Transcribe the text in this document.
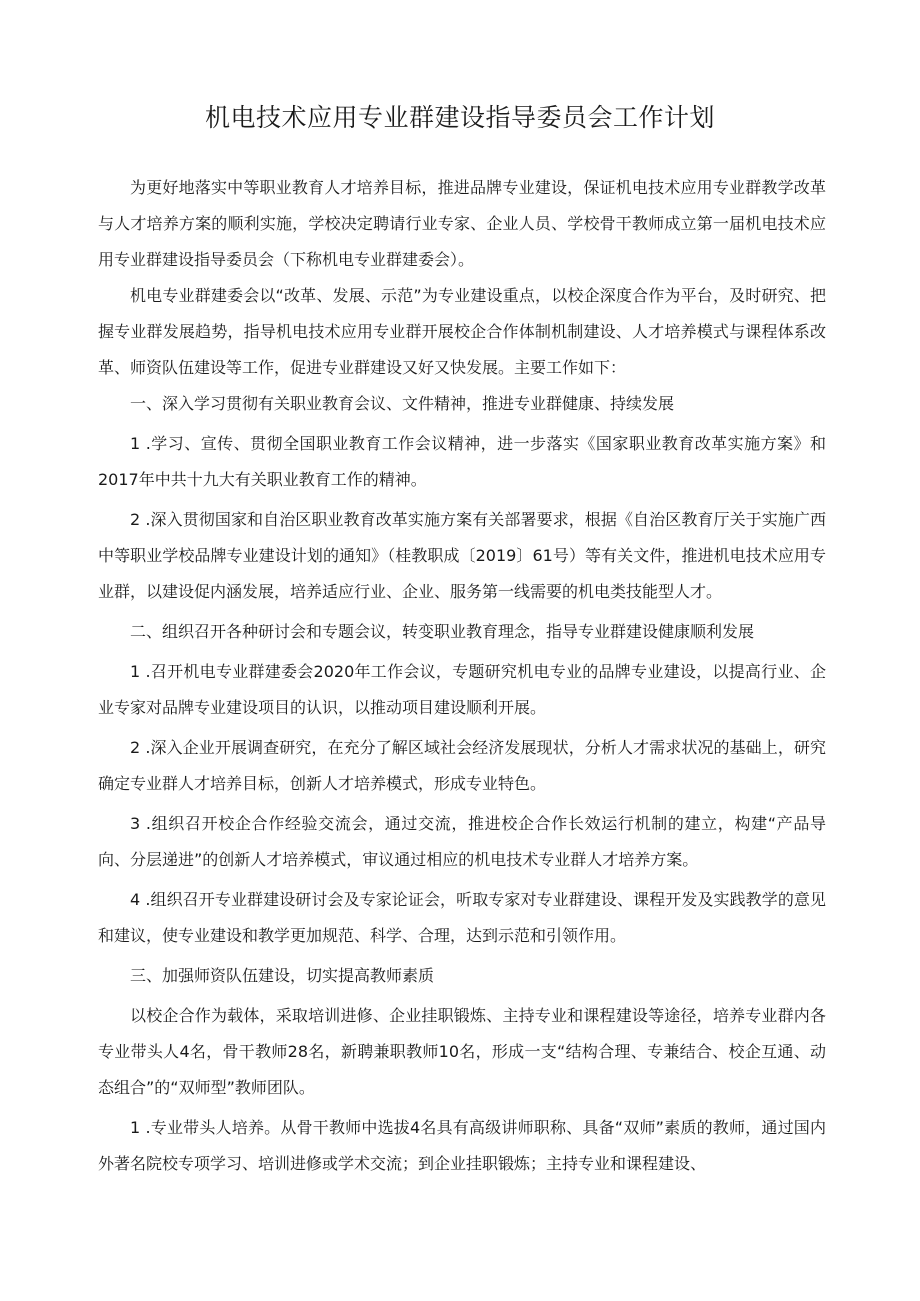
机电技术应用专业群建设指导委员会工作计划

为更好地落实中等职业教育人才培养目标，推进品牌专业建设，保证机电技术应用专业群教学改革与人才培养方案的顺利实施，学校决定聘请行业专家、企业人员、学校骨干教师成立第一届机电技术应用专业群建设指导委员会（下称机电专业群建委会）。

机电专业群建委会以“改革、发展、示范”为专业建设重点，以校企深度合作为平台，及时研究、把握专业群发展趋势，指导机电技术应用专业群开展校企合作体制机制建设、人才培养模式与课程体系改革、师资队伍建设等工作，促进专业群建设又好又快发展。主要工作如下：

一、深入学习贯彻有关职业教育会议、文件精神，推进专业群健康、持续发展

1 .学习、宣传、贯彻全国职业教育工作会议精神，进一步落实《国家职业教育改革实施方案》和2017年中共十九大有关职业教育工作的精神。

2 .深入贯彻国家和自治区职业教育改革实施方案有关部署要求，根据《自治区教育厅关于实施广西中等职业学校品牌专业建设计划的通知》（桂教职成〔2019〕61号）等有关文件，推进机电技术应用专业群，以建设促内涵发展，培养适应行业、企业、服务第一线需要的机电类技能型人才。

二、组织召开各种研讨会和专题会议，转变职业教育理念，指导专业群建设健康顺利发展

1 .召开机电专业群建委会2020年工作会议，专题研究机电专业的品牌专业建设，以提高行业、企业专家对品牌专业建设项目的认识，以推动项目建设顺利开展。

2 .深入企业开展调查研究，在充分了解区域社会经济发展现状，分析人才需求状况的基础上，研究确定专业群人才培养目标，创新人才培养模式，形成专业特色。

3 .组织召开校企合作经验交流会，通过交流，推进校企合作长效运行机制的建立，构建“产品导向、分层递进”的创新人才培养模式，审议通过相应的机电技术专业群人才培养方案。

4 .组织召开专业群建设研讨会及专家论证会，听取专家对专业群建设、课程开发及实践教学的意见和建议，使专业建设和教学更加规范、科学、合理，达到示范和引领作用。

三、加强师资队伍建设，切实提高教师素质

以校企合作为载体，采取培训进修、企业挂职锻炼、主持专业和课程建设等途径，培养专业群内各专业带头人4名，骨干教师28名，新聘兼职教师10名，形成一支“结构合理、专兼结合、校企互通、动态组合”的“双师型”教师团队。

1 .专业带头人培养。从骨干教师中选拔4名具有高级讲师职称、具备“双师”素质的教师，通过国内外著名院校专项学习、培训进修或学术交流；到企业挂职锻炼；主持专业和课程建设、
